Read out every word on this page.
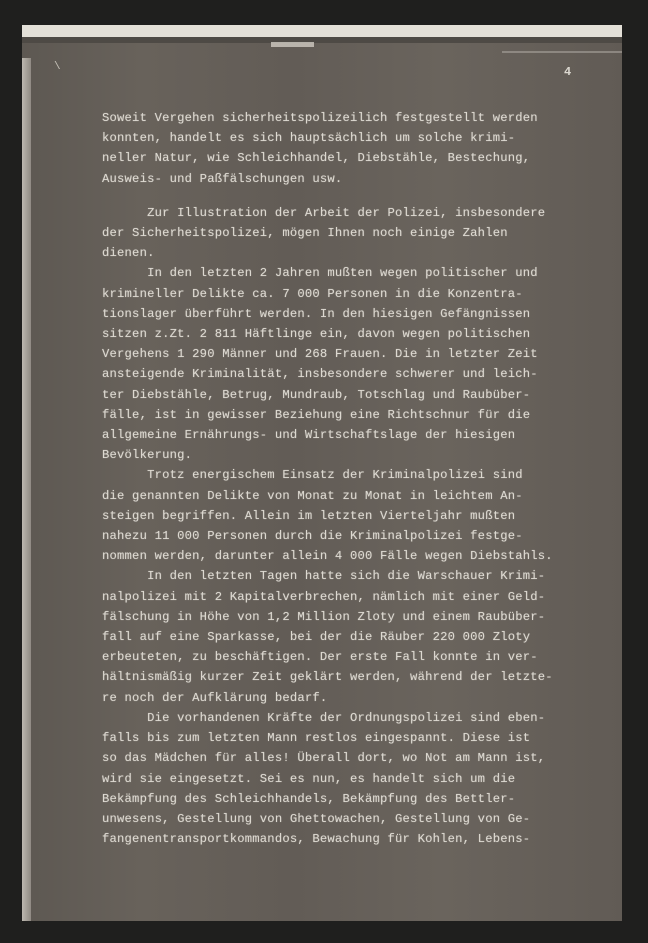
\	4
Soweit Vergehen sicherheitspolizeilich festgestellt werden
konnten, handelt es sich hauptsächlich um solche krimi-
neller Natur, wie Schleichhandel, Diebstähle, Bestechung,
Ausweis- und Paßfälschungen usw.
Zur Illustration der Arbeit der Polizei, insbesondere
der Sicherheitspolizei, mögen Ihnen noch einige Zahlen
dienen.
In den letzten 2 Jahren mußten wegen politischer und
krimineller Delikte ca. 7 000 Personen in die Konzentra-
tionslager überführt werden. In den hiesigen Gefängnissen
sitzen z.Zt. 2 811 Häftlinge ein, davon wegen politischen
Vergehens 1 290 Männer und 268 Frauen. Die in letzter Zeit
ansteigende Kriminalität, insbesondere schwerer und leich-
ter Diebstähle, Betrug, Mundraub, Totschlag und Raubüber-
fälle, ist in gewisser Beziehung eine Richtschnur für die
allgemeine Ernährungs- und Wirtschaftslage der hiesigen
Bevölkerung.
Trotz energischem Einsatz der Kriminalpolizei sind
die genannten Delikte von Monat zu Monat in leichtem An-
steigen begriffen. Allein im letzten Vierteljahr mußten
nahezu 11 000 Personen durch die Kriminalpolizei festge-
nommen werden, darunter allein 4 000 Fälle wegen Diebstahls.
In den letzten Tagen hatte sich die Warschauer Krimi-
nalpolizei mit 2 Kapitalverbrechen, nämlich mit einer Geld-
fälschung in Höhe von 1,2 Million Zloty und einem Raubüber-
fall auf eine Sparkasse, bei der die Räuber 220 000 Zloty
erbeuteten, zu beschäftigen. Der erste Fall konnte in ver-
hältnismäßig kurzer Zeit geklärt werden, während der letzte-
re noch der Aufklärung bedarf.
Die vorhandenen Kräfte der Ordnungspolizei sind eben-
falls bis zum letzten Mann restlos eingespannt. Diese ist
so das Mädchen für alles! Überall dort, wo Not am Mann ist,
wird sie eingesetzt. Sei es nun, es handelt sich um die
Bekämpfung des Schleichhandels, Bekämpfung des Bettler-
unwesens, Gestellung von Ghettowachen, Gestellung von Ge-
fangenentransportkommandos, Bewachung für Kohlen, Lebens-
